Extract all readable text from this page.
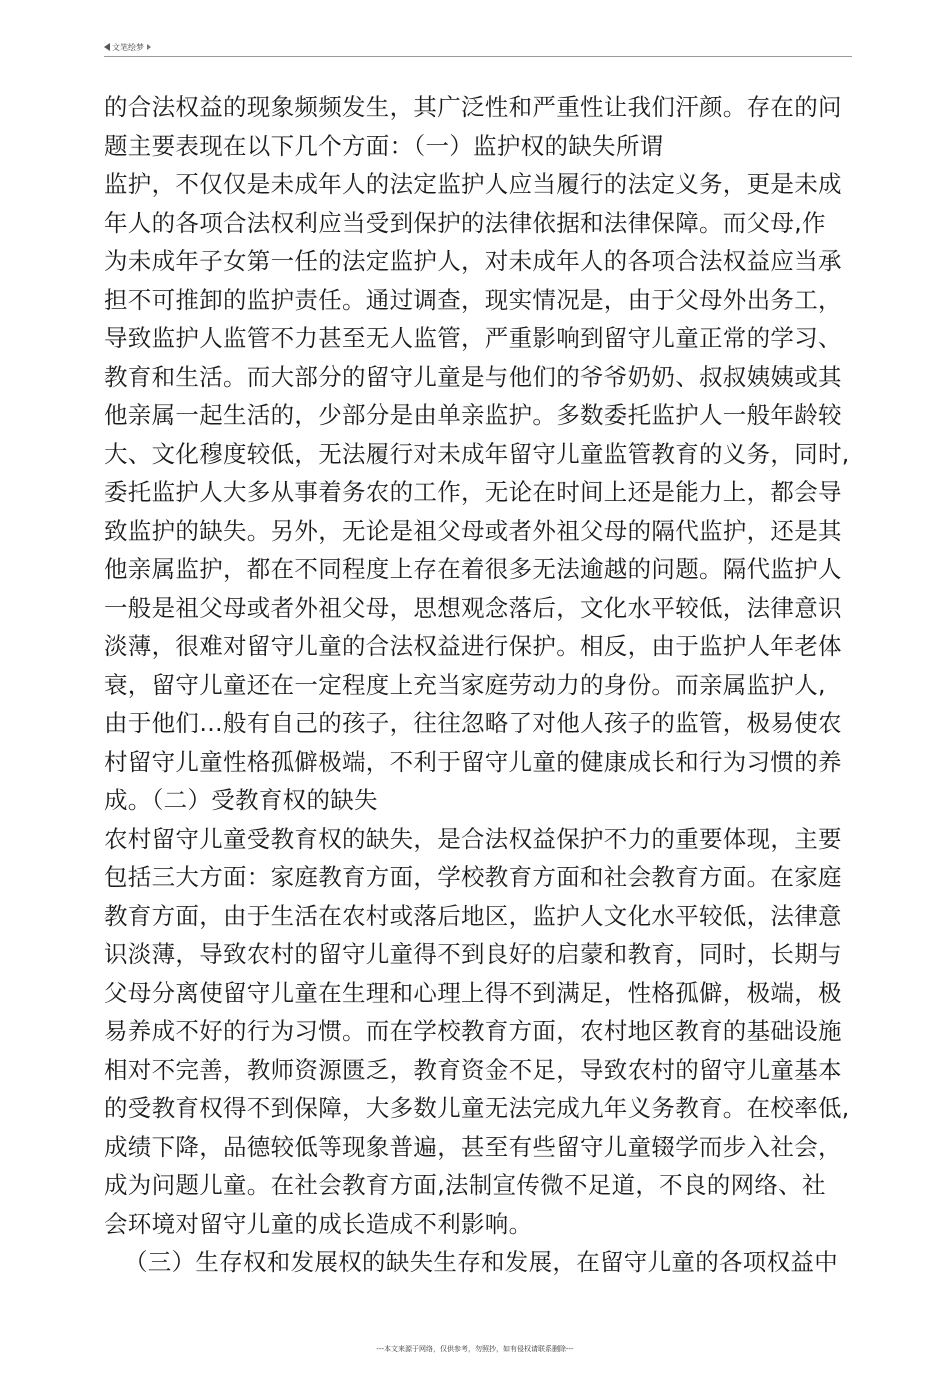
文笔绘梦
的合法权益的现象频频发生，其广泛性和严重性让我们汗颜。存在的问
题主要表现在以下几个方面：（一）监护权的缺失所谓
监护，不仅仅是未成年人的法定监护人应当履行的法定义务，更是未成
年人的各项合法权利应当受到保护的法律依据和法律保障。而父母,作
为未成年子女第一任的法定监护人，对未成年人的各项合法权益应当承
担不可推卸的监护责任。通过调查，现实情况是，由于父母外出务工，
导致监护人监管不力甚至无人监管，严重影响到留守儿童正常的学习、
教育和生活。而大部分的留守儿童是与他们的爷爷奶奶、叔叔姨姨或其
他亲属一起生活的，少部分是由单亲监护。多数委托监护人一般年龄较
大、文化穆度较低，无法履行对未成年留守儿童监管教育的义务，同时,
委托监护人大多从事着务农的工作，无论在时间上还是能力上，都会导
致监护的缺失。另外，无论是祖父母或者外祖父母的隔代监护，还是其
他亲属监护，都在不同程度上存在着很多无法逾越的问题。隔代监护人
一般是祖父母或者外祖父母，思想观念落后，文化水平较低，法律意识
淡薄，很难对留守儿童的合法权益进行保护。相反，由于监护人年老体
衰，留守儿童还在一定程度上充当家庭劳动力的身份。而亲属监护人,
由于他们…般有自己的孩子，往往忽略了对他人孩子的监管，极易使农
村留守儿童性格孤僻极端，不利于留守儿童的健康成长和行为习惯的养
成。（二）受教育权的缺失
农村留守儿童受教育权的缺失，是合法权益保护不力的重要体现，主要
包括三大方面：家庭教育方面，学校教育方面和社会教育方面。在家庭
教育方面，由于生活在农村或落后地区，监护人文化水平较低，法律意
识淡薄，导致农村的留守儿童得不到良好的启蒙和教育，同时，长期与
父母分离使留守儿童在生理和心理上得不到满足，性格孤僻，极端，极
易养成不好的行为习惯。而在学校教育方面，农村地区教育的基础设施
相对不完善，教师资源匮乏，教育资金不足，导致农村的留守儿童基本
的受教育权得不到保障，大多数儿童无法完成九年义务教育。在校率低,
成绩下降，品德较低等现象普遍，甚至有些留守儿童辍学而步入社会，
成为问题儿童。在社会教育方面,法制宣传微不足道，不良的网络、社
会环境对留守儿童的成长造成不利影响。
（三）生存权和发展权的缺失生存和发展，在留守儿童的各项权益中
---本文来源于网络，仅供参考，勿照抄，如有侵权请联系删除---
